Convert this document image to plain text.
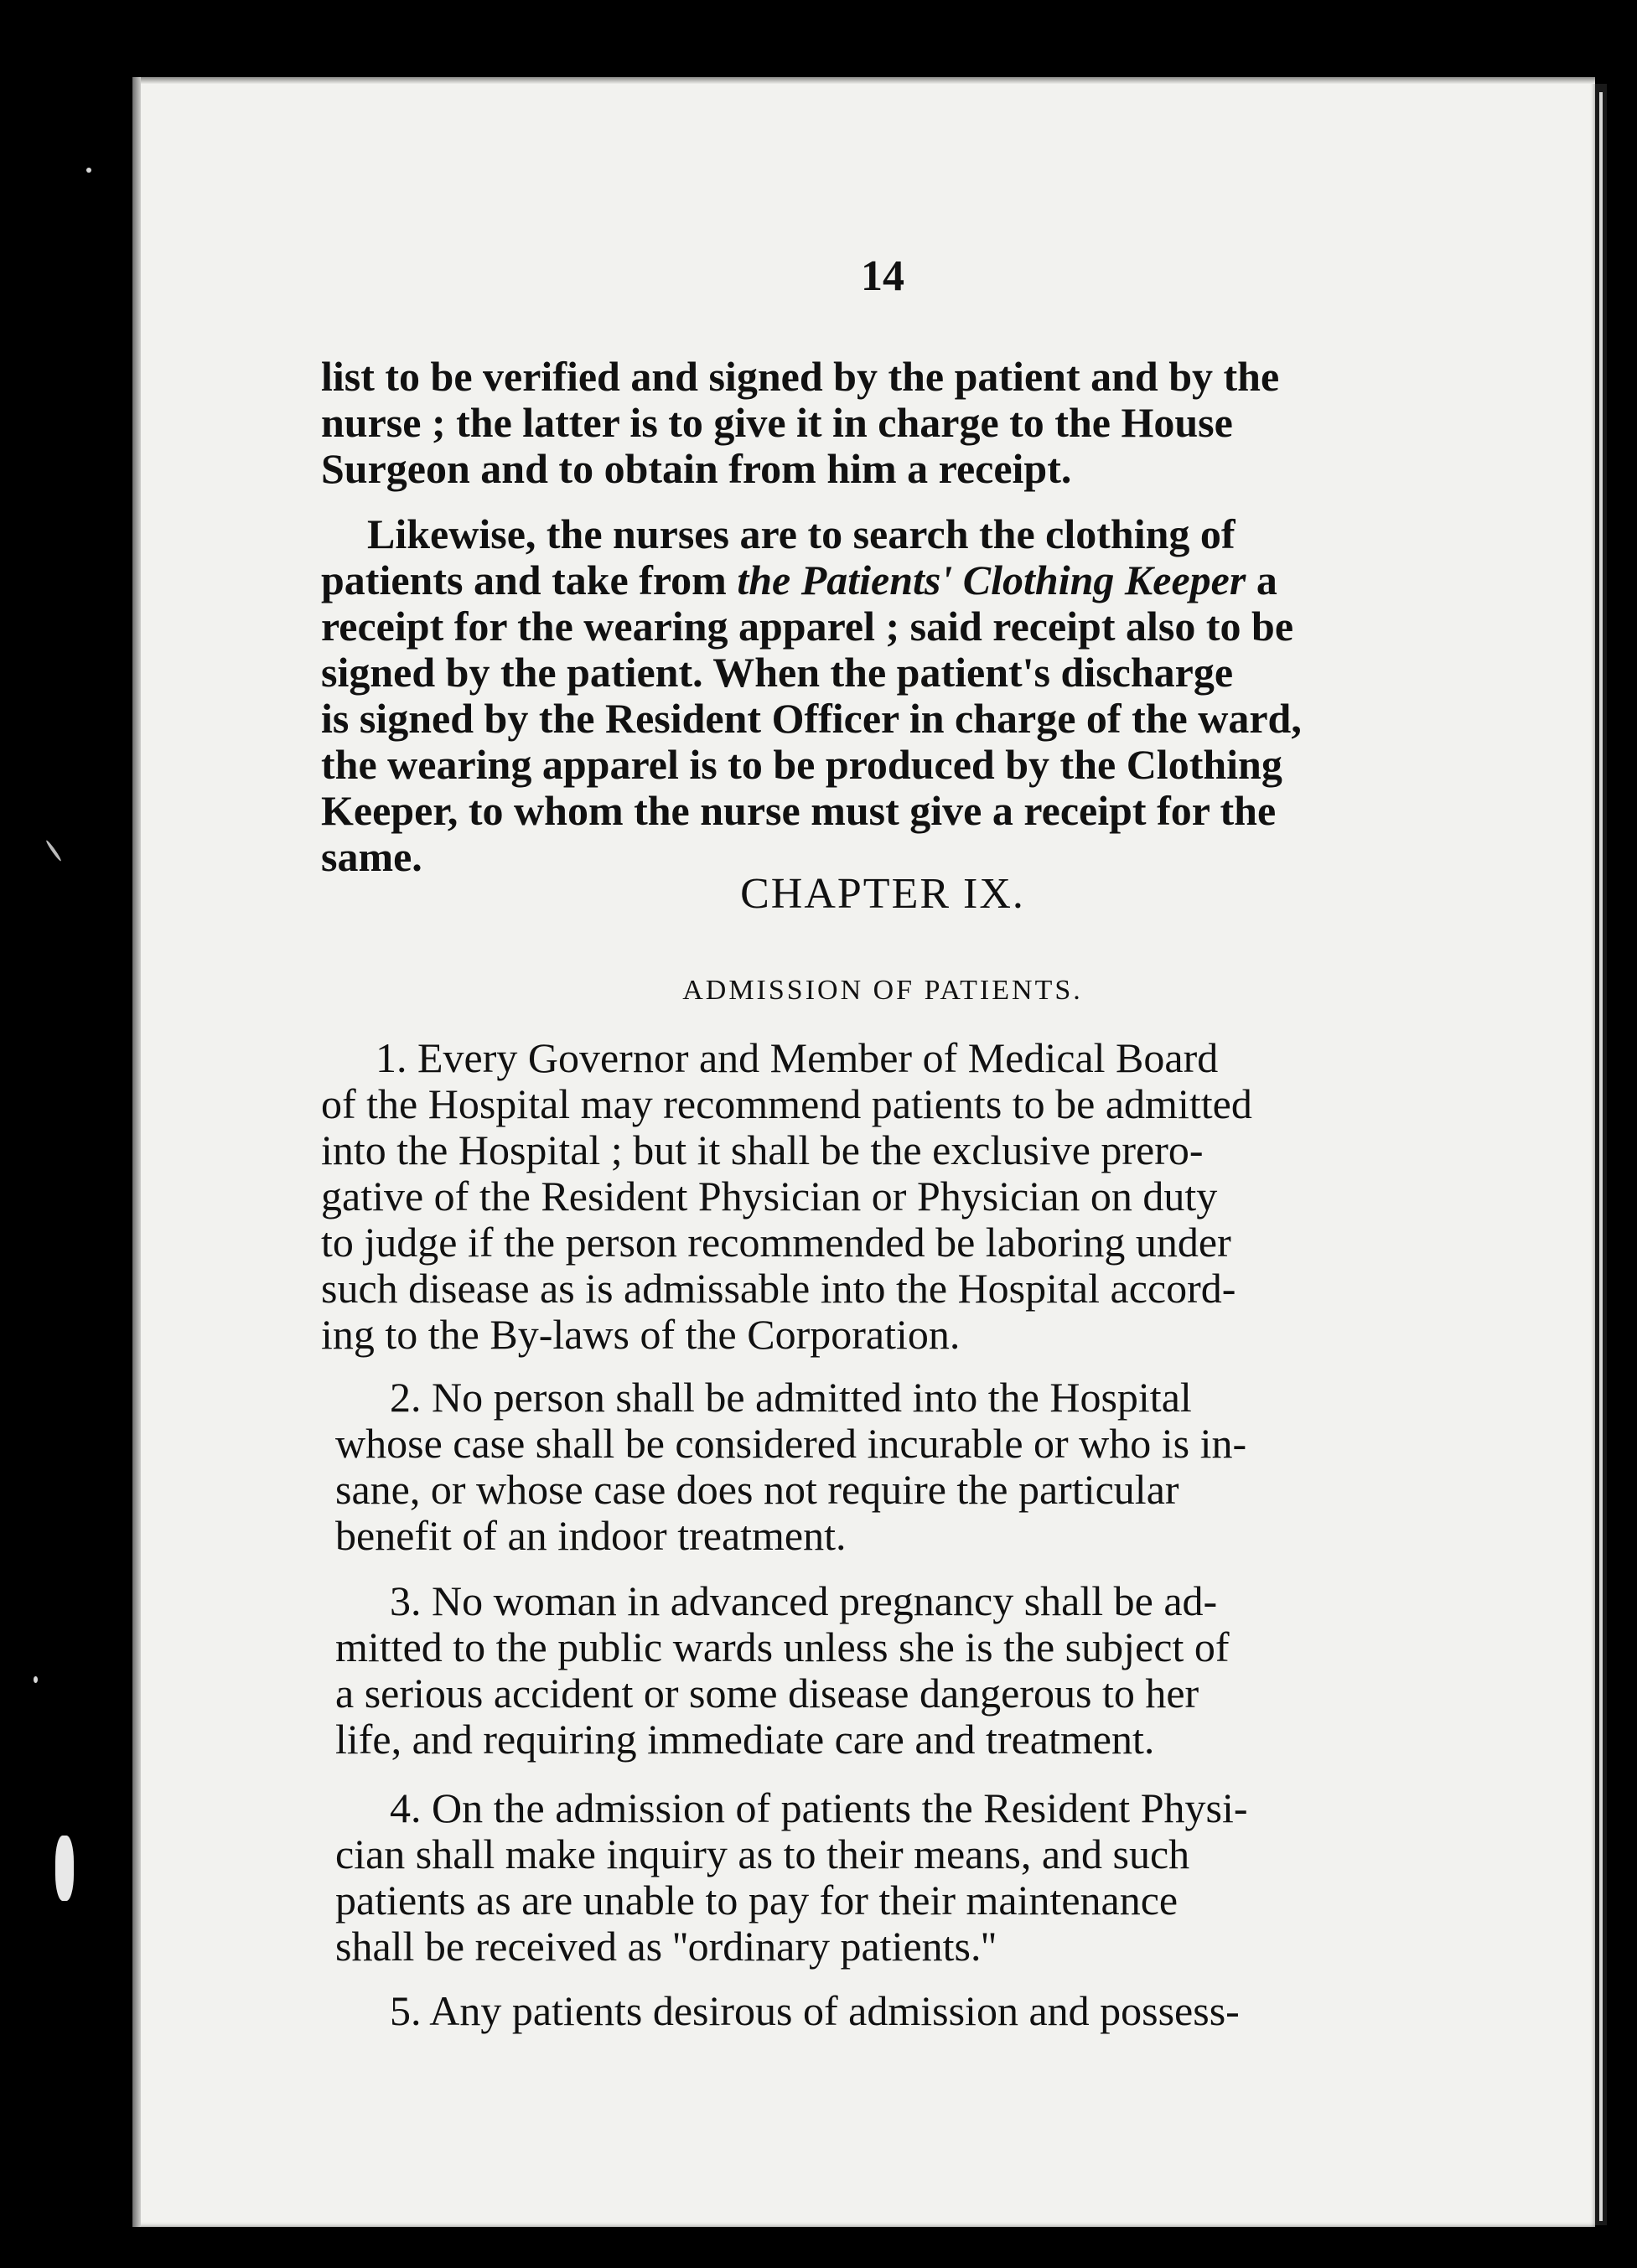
14

list to be verified and signed by the patient and by the

nurse ; the latter is to give it in charge to the House

Surgeon and to obtain from him a receipt.

Likewise, the nurses are to search the clothing of

patients and take from the Patients' Clothing Keeper a

receipt for the wearing apparel ; said receipt also to be

signed by the patient. When the patient's discharge

is signed by the Resident Officer in charge of the ward,

the wearing apparel is to be produced by the Clothing

Keeper, to whom the nurse must give a receipt for the

same.

CHAPTER IX.
ADMISSION OF PATIENTS.

1. Every Governor and Member of Medical Board

of the Hospital may recommend patients to be admitted

into the Hospital ; but it shall be the exclusive prero-

gative of the Resident Physician or Physician on duty

to judge if the person recommended be laboring under

such disease as is admissable into the Hospital accord-

ing to the By-laws of the Corporation.

2. No person shall be admitted into the Hospital

whose case shall be considered incurable or who is in-

sane, or whose case does not require the particular

benefit of an indoor treatment.

3. No woman in advanced pregnancy shall be ad-

mitted to the public wards unless she is the subject of

a serious accident or some disease dangerous to her

life, and requiring immediate care and treatment.

4. On the admission of patients the Resident Physi-

cian shall make inquiry as to their means, and such

patients as are unable to pay for their maintenance

shall be received as ''ordinary patients.''

5. Any patients desirous of admission and possess-
